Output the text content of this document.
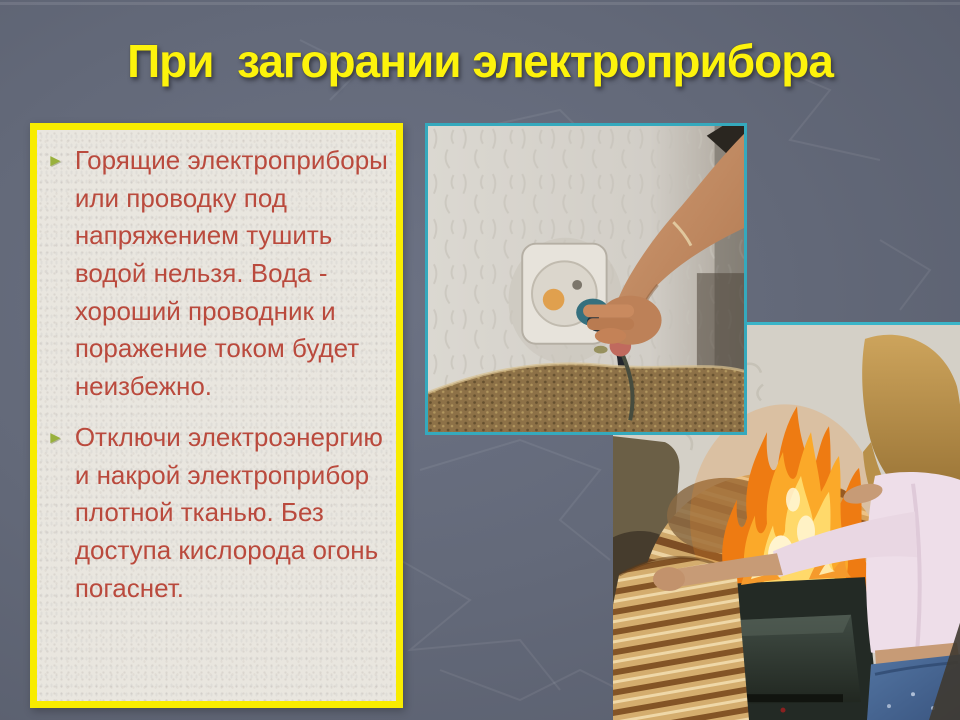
При  загорании электроприбора
► Горящие электроприборы или проводку под напряжением тушить водой нельзя. Вода - хороший проводник и поражение током будет неизбежно.
► Отключи электроэнергию и накрой электроприбор плотной тканью. Без доступа кислорода огонь погаснет.
